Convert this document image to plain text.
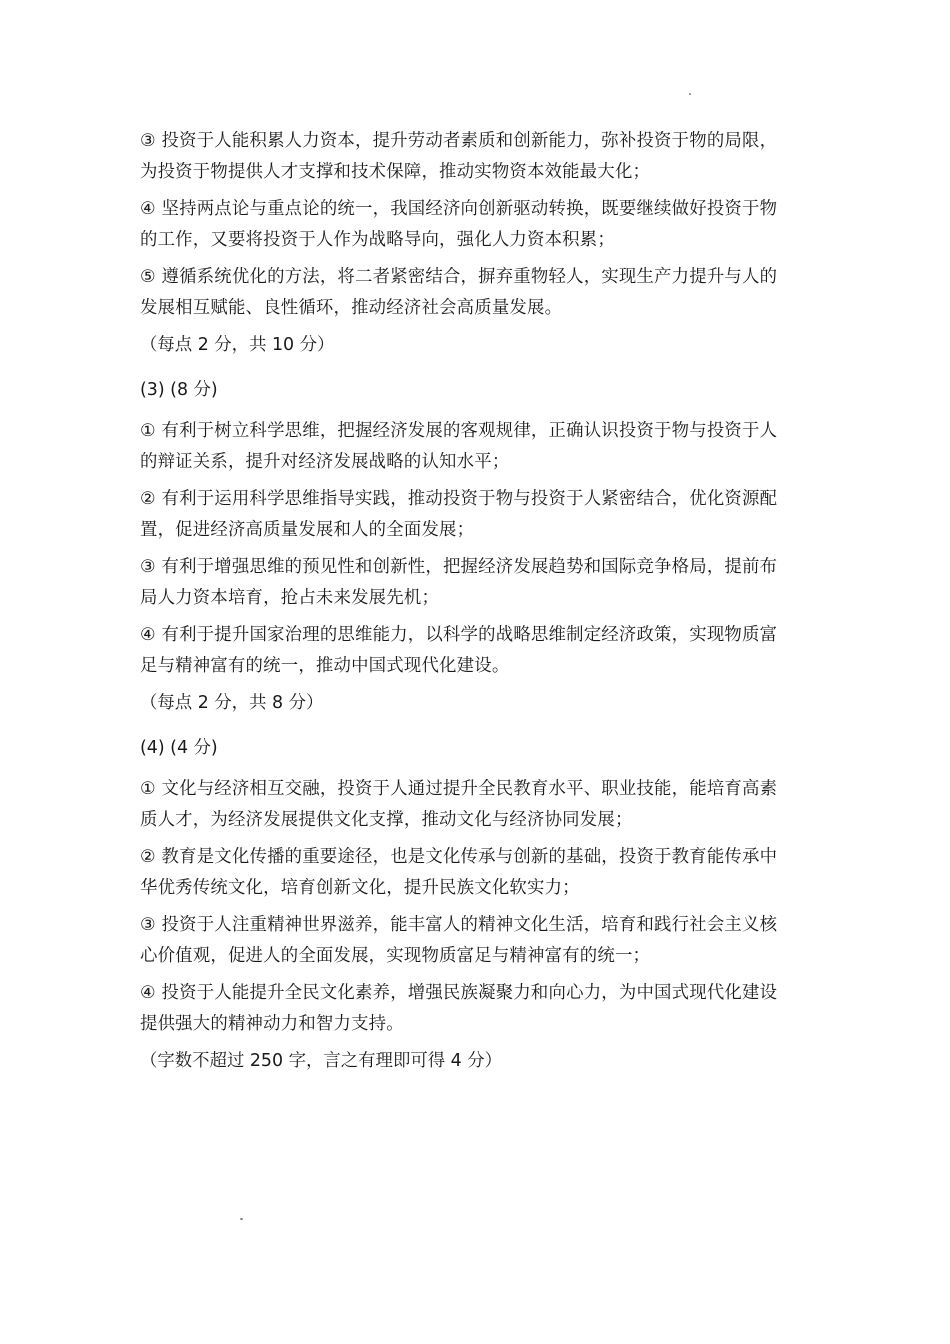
③ 投资于人能积累人力资本，提升劳动者素质和创新能力，弥补投资于物的局限，为投资于物提供人才支撑和技术保障，推动实物资本效能最大化；

④ 坚持两点论与重点论的统一，我国经济向创新驱动转换，既要继续做好投资于物的工作，又要将投资于人作为战略导向，强化人力资本积累；

⑤ 遵循系统优化的方法，将二者紧密结合，摒弃重物轻人，实现生产力提升与人的发展相互赋能、良性循环，推动经济社会高质量发展。

（每点 2 分，共 10 分）

(3) (8 分)

① 有利于树立科学思维，把握经济发展的客观规律，正确认识投资于物与投资于人的辩证关系，提升对经济发展战略的认知水平；

② 有利于运用科学思维指导实践，推动投资于物与投资于人紧密结合，优化资源配置，促进经济高质量发展和人的全面发展；

③ 有利于增强思维的预见性和创新性，把握经济发展趋势和国际竞争格局，提前布局人力资本培育，抢占未来发展先机；

④ 有利于提升国家治理的思维能力，以科学的战略思维制定经济政策，实现物质富足与精神富有的统一，推动中国式现代化建设。

（每点 2 分，共 8 分）

(4) (4 分)

① 文化与经济相互交融，投资于人通过提升全民教育水平、职业技能，能培育高素质人才，为经济发展提供文化支撑，推动文化与经济协同发展；

② 教育是文化传播的重要途径，也是文化传承与创新的基础，投资于教育能传承中华优秀传统文化，培育创新文化，提升民族文化软实力；

③ 投资于人注重精神世界滋养，能丰富人的精神文化生活，培育和践行社会主义核心价值观，促进人的全面发展，实现物质富足与精神富有的统一；

④ 投资于人能提升全民文化素养，增强民族凝聚力和向心力，为中国式现代化建设提供强大的精神动力和智力支持。

（字数不超过 250 字，言之有理即可得 4 分）
